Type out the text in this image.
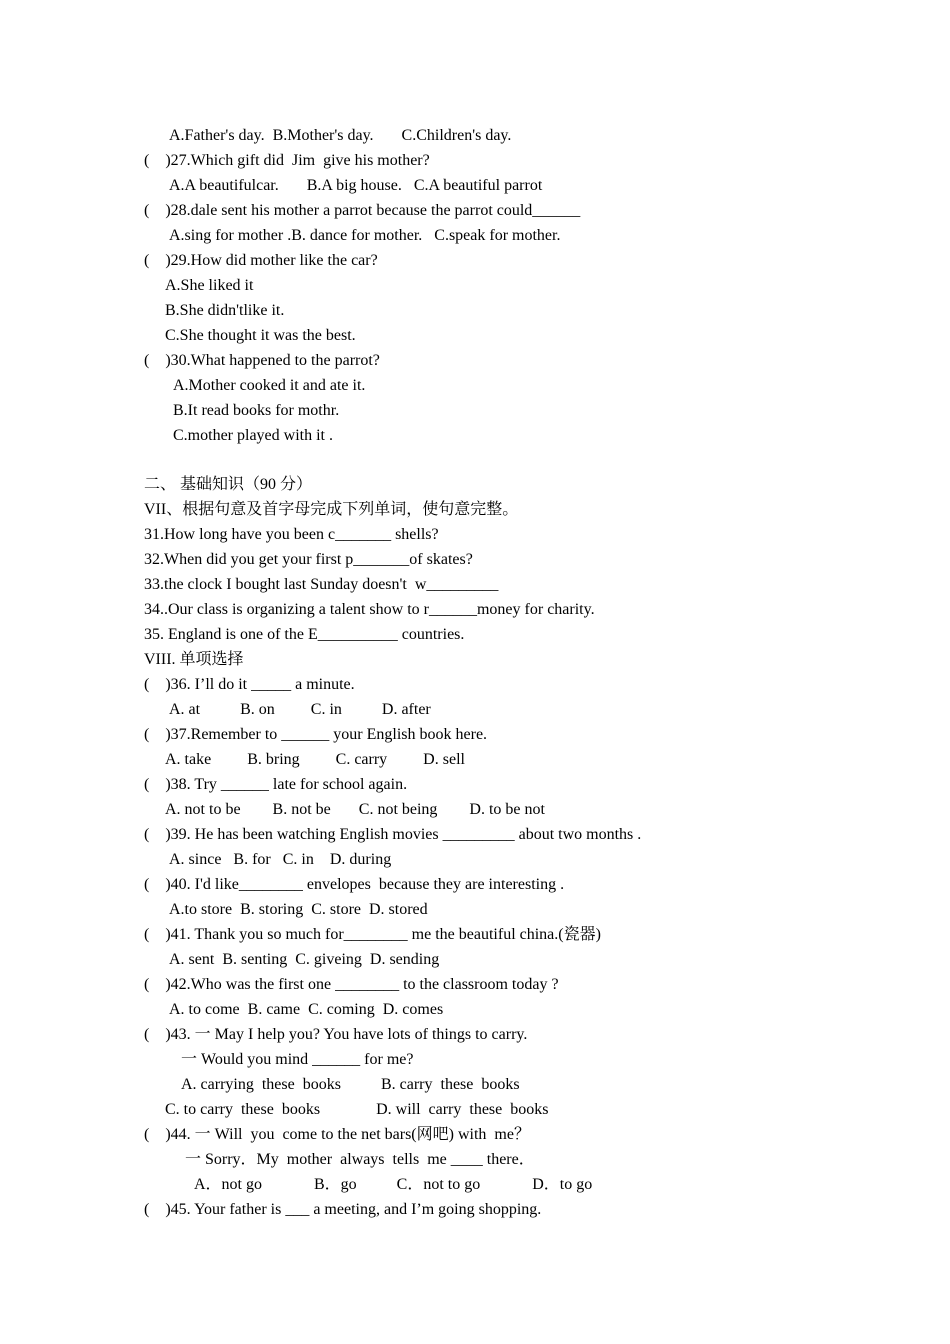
A.Father's day.  B.Mother's day.       C.Children's day.
(    )27.Which gift did  Jim  give his mother?
A.A beautifulcar.       B.A big house.   C.A beautiful parrot
(    )28.dale sent his mother a parrot because the parrot could______
A.sing for mother .B. dance for mother.   C.speak for mother.
(    )29.How did mother like the car?
A.She liked it
B.She didn'tlike it.
C.She thought it was the best.
(    )30.What happened to the parrot?
A.Mother cooked it and ate it.
B.It read books for mothr.
C.mother played with it .
二、 基础知识（90 分）
VII、根据句意及首字母完成下列单词，使句意完整。
31.How long have you been c_______ shells?
32.When did you get your first p_______of skates?
33.the clock I bought last Sunday doesn't  w_________
34..Our class is organizing a talent show to r______money for charity.
35. England is one of the E__________ countries.
VIII. 单项选择
(    )36. I’ll do it _____ a minute.
A. at          B. on         C. in          D. after
(    )37.Remember to ______ your English book here.
A. take         B. bring         C. carry         D. sell
(    )38. Try ______ late for school again.
A. not to be        B. not be       C. not being        D. to be not
(    )39. He has been watching English movies _________ about two months .
A. since   B. for   C. in    D. during
(    )40. I'd like________ envelopes  because they are interesting .
A.to store  B. storing  C. store  D. stored
(    )41. Thank you so much for________ me the beautiful china.(瓷器)
A. sent  B. senting  C. giveing  D. sending
(    )42.Who was the first one ________ to the classroom today ?
A. to come  B. came  C. coming  D. comes
(    )43. 一 May I help you? You have lots of things to carry.
一 Would you mind ______ for me?
A. carrying  these  books          B. carry  these  books
C. to carry  these  books              D. will  carry  these  books
(    )44. 一 Will  you  come to the net bars(网吧) with  me？
一 Sorry．My  mother  always  tells  me ____ there．
A．not go             B．go          C．not to go             D．to go
(    )45. Your father is ___ a meeting, and I’m going shopping.
